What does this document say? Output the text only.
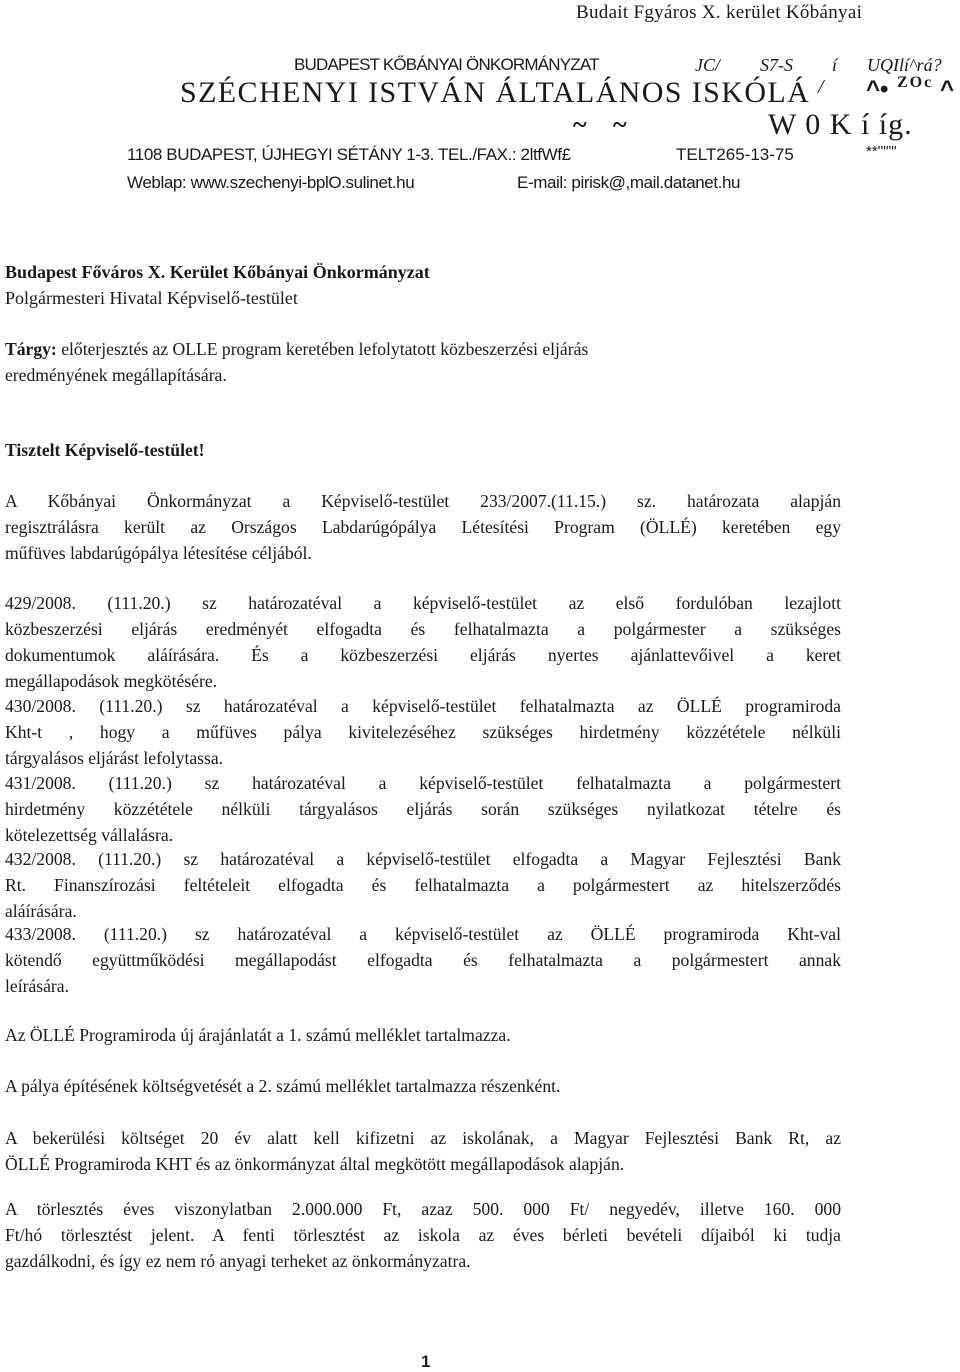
Budait Fgyáros X. kerület Kőbányai
BUDAPEST KŐBÁNYAI ÖNKORMÁNYZAT	JC/ S7-S í UQIlí^rá?
SZÉCHENYI ISTVÁN ÁLTALÁNOS ISKÓLÁ / ^• ZOc ^
~ ~	W 0 K í íg.
1108 BUDAPEST, ÚJHEGYI SÉTÁNY 1-3. TEL./FAX.: 2ltfWf£	TELT265-13-75	**'"""
Weblap: www.szechenyi-bplO.sulinet.hu	E-mail: pirisk@,mail.datanet.hu
Budapest Főváros X. Kerület Kőbányai Önkormányzat
Polgármesteri Hivatal Képviselő-testület
Tárgy: előterjesztés az OLLE program keretében lefolytatott közbeszerzési eljárás
eredményének megállapítására.
Tisztelt Képviselő-testület!

A Kőbányai Önkormányzat a Képviselő-testület 233/2007.(11.15.) sz. határozata alapján

regisztrálásra került az Országos Labdarúgópálya Létesítési Program (ÖLLÉ) keretében egy

műfüves labdarúgópálya létesítése céljából.

429/2008. (111.20.) sz határozatéval a képviselő-testület az első fordulóban lezajlott

közbeszerzési eljárás eredményét elfogadta és felhatalmazta a polgármester a szükséges

dokumentumok aláírására. És a közbeszerzési eljárás nyertes ajánlattevőivel a keret

megállapodások megkötésére.

430/2008. (111.20.) sz határozatéval a képviselő-testület felhatalmazta az ÖLLÉ programiroda

Kht-t , hogy a műfüves pálya kivitelezéséhez szükséges hirdetmény közzététele nélküli

tárgyalásos eljárást lefolytassa.

431/2008. (111.20.) sz határozatéval a képviselő-testület felhatalmazta a polgármestert

hirdetmény közzététele nélküli tárgyalásos eljárás során szükséges nyilatkozat tételre és

kötelezettség vállalásra.

432/2008. (111.20.) sz határozatéval a képviselő-testület elfogadta a Magyar Fejlesztési Bank

Rt. Finanszírozási feltételeit elfogadta és felhatalmazta a polgármestert az hitelszerződés

aláírására.

433/2008. (111.20.) sz határozatéval a képviselő-testület az ÖLLÉ programiroda Kht-val

kötendő együttműködési megállapodást elfogadta és felhatalmazta a polgármestert annak

leírására.

Az ÖLLÉ Programiroda új árajánlatát a 1. számú melléklet tartalmazza.

A pálya építésének költségvetését a 2. számú melléklet tartalmazza részenként.

A bekerülési költséget 20 év alatt kell kifizetni az iskolának, a Magyar Fejlesztési Bank Rt, az

ÖLLÉ Programiroda KHT és az önkormányzat által megkötött megállapodások alapján.

A törlesztés éves viszonylatban 2.000.000 Ft, azaz 500. 000 Ft/ negyedév, illetve 160. 000

Ft/hó törlesztést jelent. A fenti törlesztést az iskola az éves bérleti bevételi díjaiból ki tudja

gazdálkodni, és így ez nem ró anyagi terheket az önkormányzatra.

1
